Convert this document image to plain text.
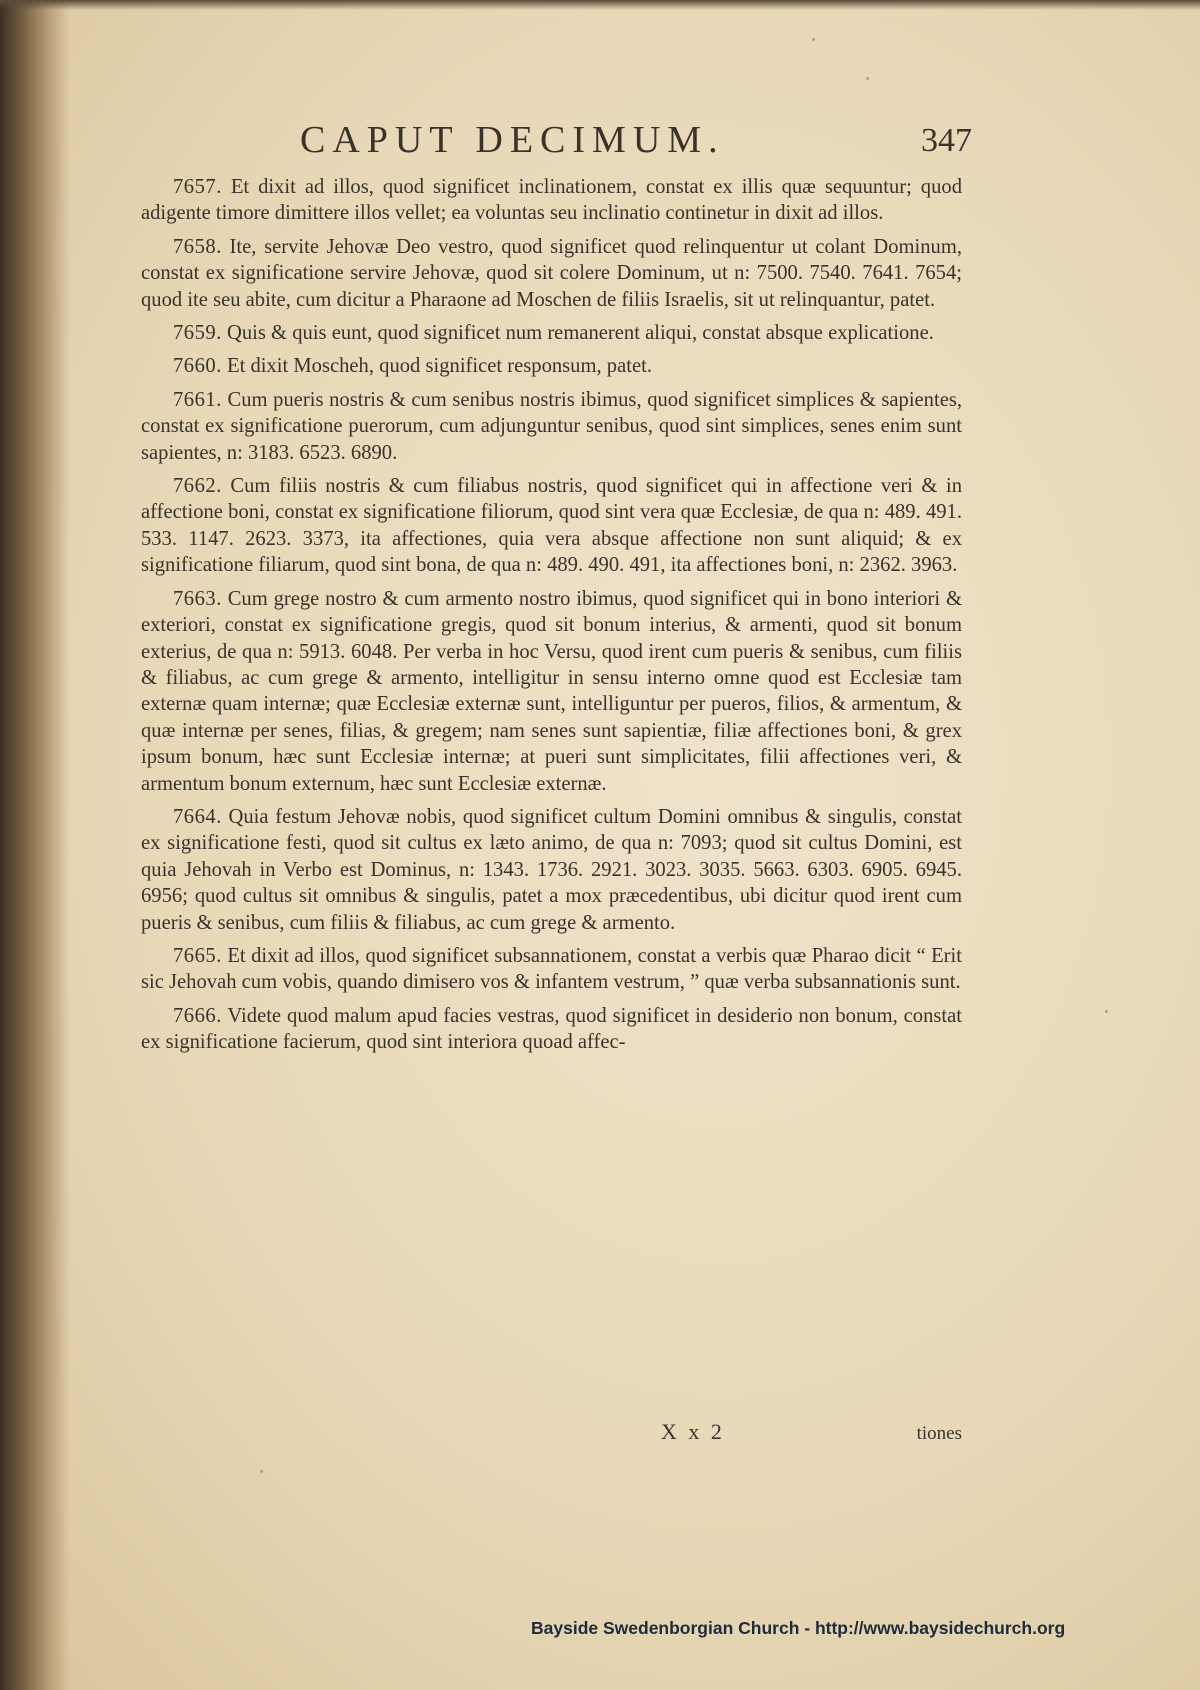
CAPUT DECIMUM.	347

7657. Et dixit ad illos, quod significet inclinationem, constat ex illis quæ sequuntur; quod adigente timore dimittere illos vellet; ea voluntas seu inclinatio continetur in dixit ad illos.

7658. Ite, servite Jehovæ Deo vestro, quod significet quod relinquentur ut colant Dominum, constat ex significatione servire Jehovæ, quod sit colere Dominum, ut n: 7500. 7540. 7641. 7654; quod ite seu abite, cum dicitur a Pharaone ad Moschen de filiis Israelis, sit ut relinquantur, patet.

7659. Quis & quis eunt, quod significet num remanerent aliqui, constat absque explicatione.

7660. Et dixit Moscheh, quod significet responsum, patet.

7661. Cum pueris nostris & cum senibus nostris ibimus, quod significet simplices & sapientes, constat ex significatione puerorum, cum adjunguntur senibus, quod sint simplices, senes enim sunt sapientes, n: 3183. 6523. 6890.

7662. Cum filiis nostris & cum filiabus nostris, quod significet qui in affectione veri & in affectione boni, constat ex significatione filiorum, quod sint vera quæ Ecclesiæ, de qua n: 489. 491. 533. 1147. 2623. 3373, ita affectiones, quia vera absque affectione non sunt aliquid; & ex significatione filiarum, quod sint bona, de qua n: 489. 490. 491, ita affectiones boni, n: 2362. 3963.

7663. Cum grege nostro & cum armento nostro ibimus, quod significet qui in bono interiori & exteriori, constat ex significatione gregis, quod sit bonum interius, & armenti, quod sit bonum exterius, de qua n: 5913. 6048. Per verba in hoc Versu, quod irent cum pueris & senibus, cum filiis & filiabus, ac cum grege & armento, intelligitur in sensu interno omne quod est Ecclesiæ tam externæ quam internæ; quæ Ecclesiæ externæ sunt, intelliguntur per pueros, filios, & armentum, & quæ internæ per senes, filias, & gregem; nam senes sunt sapientiæ, filiæ affectiones boni, & grex ipsum bonum, hæc sunt Ecclesiæ internæ; at pueri sunt simplicitates, filii affectiones veri, & armentum bonum externum, hæc sunt Ecclesiæ externæ.

7664. Quia festum Jehovæ nobis, quod significet cultum Domini omnibus & singulis, constat ex significatione festi, quod sit cultus ex læto animo, de qua n: 7093; quod sit cultus Domini, est quia Jehovah in Verbo est Dominus, n: 1343. 1736. 2921. 3023. 3035. 5663. 6303. 6905. 6945. 6956; quod cultus sit omnibus & singulis, patet a mox præcedentibus, ubi dicitur quod irent cum pueris & senibus, cum filiis & filiabus, ac cum grege & armento.

7665. Et dixit ad illos, quod significet subsannationem, constat a verbis quæ Pharao dicit “ Erit sic Jehovah cum vobis, quando dimisero vos & infantem vestrum, ” quæ verba subsannationis sunt.

7666. Videte quod malum apud facies vestras, quod significet in desiderio non bonum, constat ex significatione facierum, quod sint interiora quoad affec-

X x 2	tiones
Bayside Swedenborgian Church - http://www.baysidechurch.org
